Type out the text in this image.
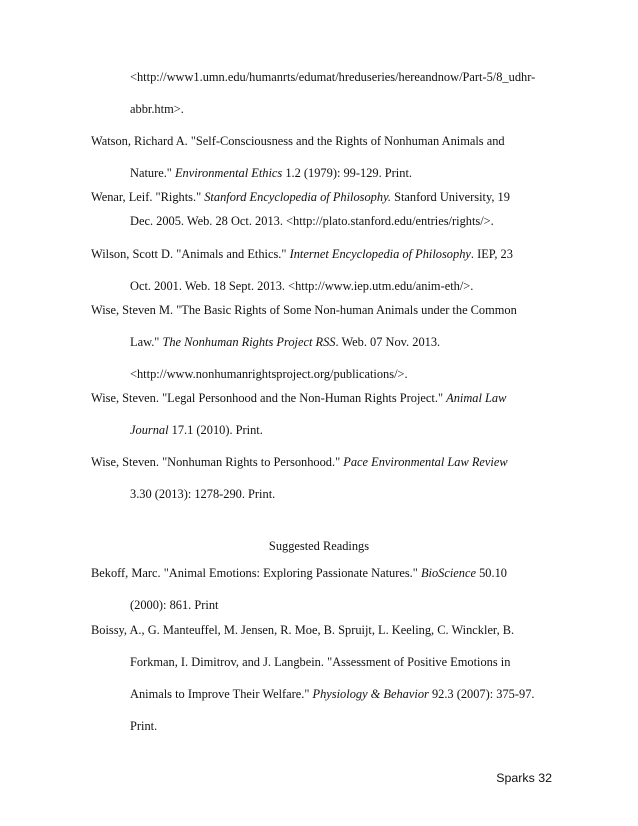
<http://www1.umn.edu/humanrts/edumat/hreduseries/hereandnow/Part-5/8_udhr-
abbr.htm>.
Watson, Richard A. "Self-Consciousness and the Rights of Nonhuman Animals and
Nature." Environmental Ethics 1.2 (1979): 99-129. Print.
Wenar, Leif. "Rights." Stanford Encyclopedia of Philosophy. Stanford University, 19
Dec. 2005. Web. 28 Oct. 2013. <http://plato.stanford.edu/entries/rights/>.
Wilson, Scott D. "Animals and Ethics." Internet Encyclopedia of Philosophy. IEP, 23
Oct. 2001. Web. 18 Sept. 2013. <http://www.iep.utm.edu/anim-eth/>.
Wise, Steven M. "The Basic Rights of Some Non-human Animals under the Common
Law." The Nonhuman Rights Project RSS. Web. 07 Nov. 2013.
<http://www.nonhumanrightsproject.org/publications/>.
Wise, Steven. "Legal Personhood and the Non-Human Rights Project." Animal Law
Journal 17.1 (2010). Print.
Wise, Steven. "Nonhuman Rights to Personhood." Pace Environmental Law Review
3.30 (2013): 1278-290. Print.
Suggested Readings
Bekoff, Marc. "Animal Emotions: Exploring Passionate Natures." BioScience 50.10
(2000): 861. Print
Boissy, A., G. Manteuffel, M. Jensen, R. Moe, B. Spruijt, L. Keeling, C. Winckler, B.
Forkman, I. Dimitrov, and J. Langbein. "Assessment of Positive Emotions in
Animals to Improve Their Welfare." Physiology & Behavior 92.3 (2007): 375-97.
Print.
Sparks 32
